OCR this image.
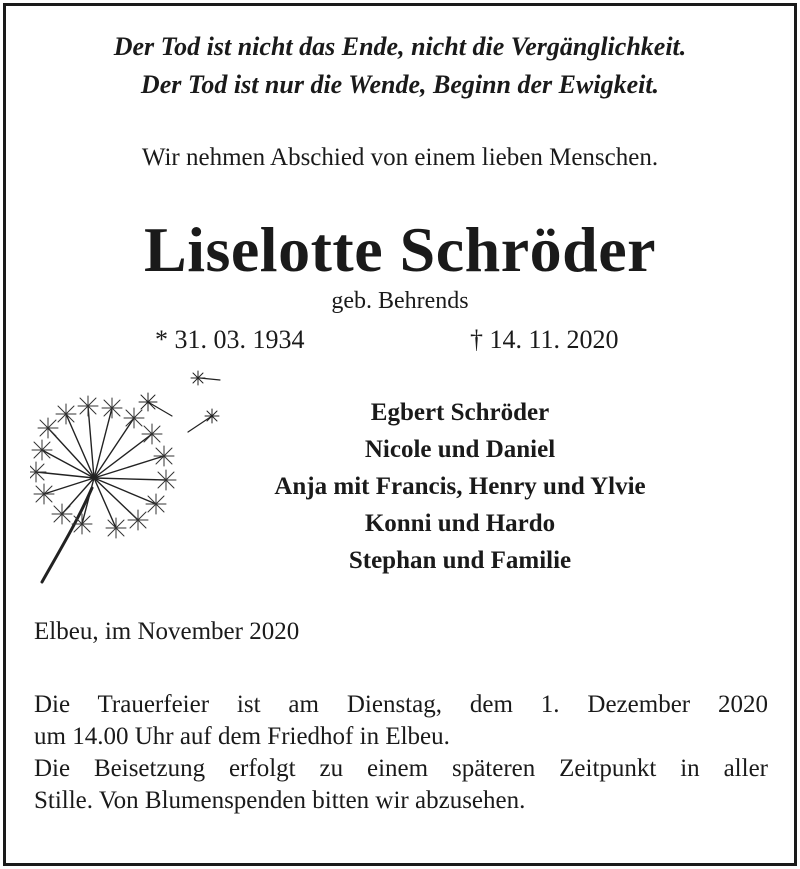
Der Tod ist nicht das Ende, nicht die Vergänglichkeit.
Der Tod ist nur die Wende, Beginn der Ewigkeit.
Wir nehmen Abschied von einem lieben Menschen.
Liselotte Schröder
geb. Behrends
* 31. 03. 1934	† 14. 11. 2020
Egbert Schröder
Nicole und Daniel
Anja mit Francis, Henry und Ylvie
Konni und Hardo
Stephan und Familie
Elbeu, im November 2020

Die Trauerfeier ist am Dienstag, dem 1. Dezember 2020

um 14.00 Uhr auf dem Friedhof in Elbeu.

Die Beisetzung erfolgt zu einem späteren Zeitpunkt in aller

Stille. Von Blumenspenden bitten wir abzusehen.
